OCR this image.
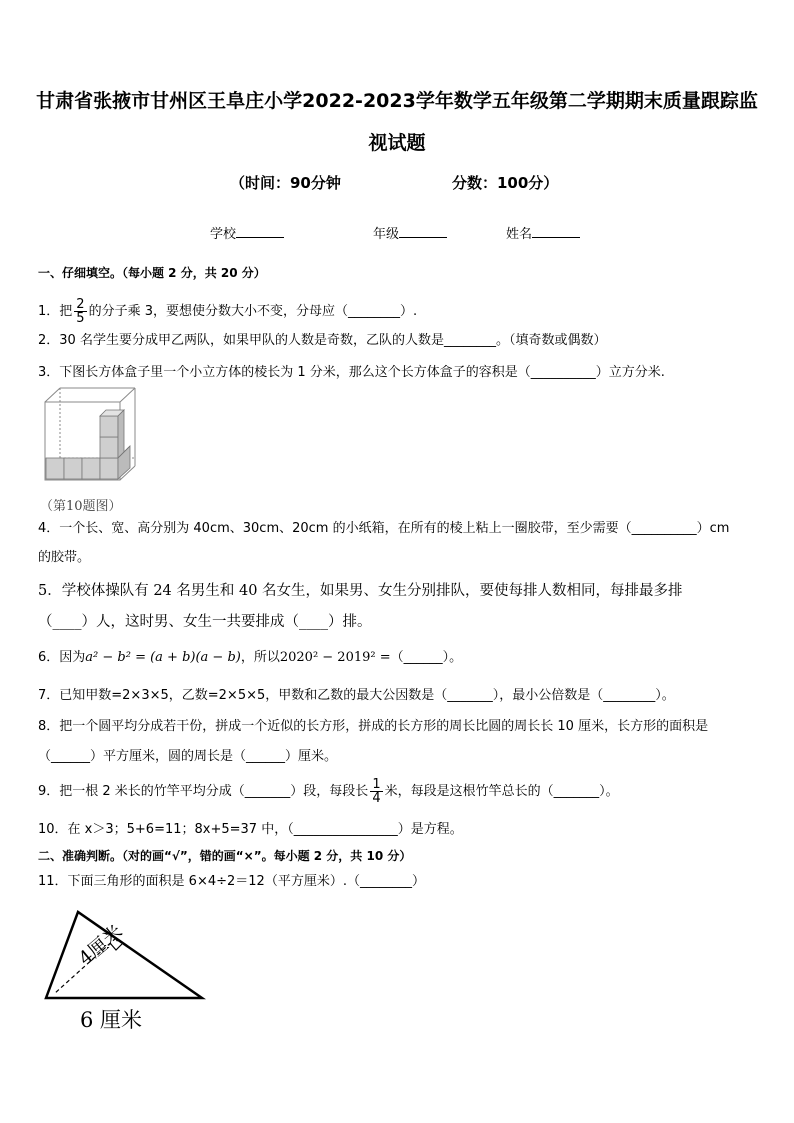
甘肃省张掖市甘州区王阜庄小学2022-2023学年数学五年级第二学期期末质量跟踪监
视试题
（时间：90分钟	分数：100分）
学校	年级	姓名
一、仔细填空。（每小题 2 分，共 20 分）
1．把 $\frac{2}{5}$ 的分子乘 3，要想使分数大小不变，分母应（________）.
2．30 名学生要分成甲乙两队，如果甲队的人数是奇数，乙队的人数是________。（填奇数或偶数）
3．下图长方体盒子里一个小立方体的棱长为 1 分米，那么这个长方体盒子的容积是（__________）立方分米.
（第10题图）
4．一个长、宽、高分别为 40cm、30cm、20cm 的小纸箱，在所有的棱上粘上一圈胶带，至少需要（__________）cm
的胶带。
5．学校体操队有 24 名男生和 40 名女生，如果男、女生分别排队，要使每排人数相同，每排最多排
（____）人，这时男、女生一共要排成（____）排。
6．因为a² − b² = (a + b)(a − b)，所以2020² − 2019² =（______）。
7．已知甲数=2×3×5，乙数=2×5×5，甲数和乙数的最大公因数是（_______），最小公倍数是（________）。
8．把一个圆平均分成若干份，拼成一个近似的长方形，拼成的长方形的周长比圆的周长长 10 厘米，长方形的面积是
（______）平方厘米，圆的周长是（______）厘米。
9．把一根 2 米长的竹竿平均分成（_______）段，每段长 $\frac{1}{4}$ 米，每段是这根竹竿总长的（_______）。
10．在 x＞3；5+6=11；8x+5=37 中，（________________）是方程。
二、准确判断。（对的画“√”，错的画“×”。每小题 2 分，共 10 分）
11．下面三角形的面积是 6×4÷2＝12（平方厘米）.（________）
4厘米
6 厘米
